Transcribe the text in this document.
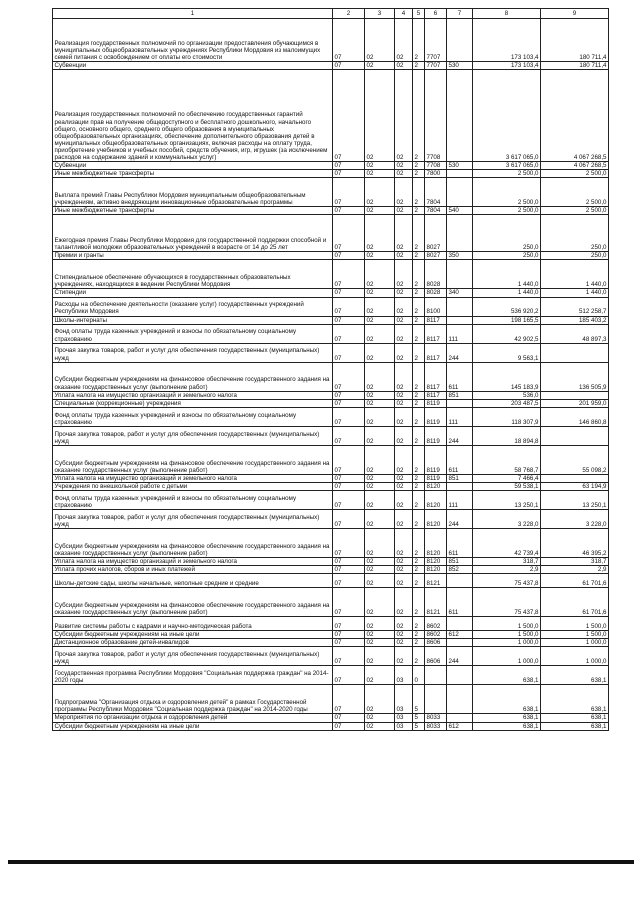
1	2	3	4	5	6	7	8	9
Реализация государственных полномочий по организации предоставления обучающимся в муниципальных общеобразовательных учреждениях Республики Мордовия из малоимущих семей питания с освобождением от оплаты его стоимости	07	02	02	2	7707		173 103,4	180 711,4
Субвенции	07	02	02	2	7707	530	173 103,4	180 711,4
Реализация государственных полномочий по обеспечению государственных гарантий реализации прав на получение общедоступного и бесплатного дошкольного, начального общего, основного общего, среднего общего образования в муниципальных общеобразовательных организациях, обеспечение дополнительного образования детей в муниципальных общеобразовательных организациях, включая расходы на оплату труда, приобретение учебников и учебных пособий, средств обучения, игр, игрушек (за исключением расходов на содержание зданий и коммунальных услуг)	07	02	02	2	7708		3 617 065,0	4 067 268,5
Субвенции	07	02	02	2	7708	530	3 617 065,0	4 067 268,5
Иные межбюджетные трансферты	07	02	02	2	7800		2 500,0	2 500,0
Выплата премий Главы Республики Мордовия муниципальным общеобразовательным учреждениям, активно внедряющим инновационные образовательные программы	07	02	02	2	7804		2 500,0	2 500,0
Иные межбюджетные трансферты	07	02	02	2	7804	540	2 500,0	2 500,0
Ежегодная премия Главы Республики Мордовия для государственной поддержки способной и талантливой молодежи образовательных учреждений в возрасте от 14 до 25 лет	07	02	02	2	8027		250,0	250,0
Премии и гранты	07	02	02	2	8027	350	250,0	250,0
Стипендиальное обеспечение обучающихся в государственных образовательных учреждениях, находящихся в ведении Республики Мордовия	07	02	02	2	8028		1 440,0	1 440,0
Стипендии	07	02	02	2	8028	340	1 440,0	1 440,0
Расходы на обеспечение деятельности (оказание услуг) государственных учреждений Республики Мордовия	07	02	02	2	8100		536 920,2	512 258,7
Школы-интернаты	07	02	02	2	8117		198 165,5	185 403,2
Фонд оплаты труда казенных учреждений и взносы по обязательному социальному страхованию	07	02	02	2	8117	111	42 902,5	48 897,3
Прочая закупка товаров, работ и услуг для обеспечения государственных (муниципальных) нужд	07	02	02	2	8117	244	9 563,1	
Субсидии бюджетным учреждениям на финансовое обеспечение государственного задания на оказание государственных услуг (выполнение работ)	07	02	02	2	8117	611	145 183,9	136 505,9
Уплата налога на имущество организаций и земельного налога	07	02	02	2	8117	851	536,0	
Специальные (коррекционные) учреждения	07	02	02	2	8119		203 487,5	201 959,0
Фонд оплаты труда казенных учреждений и взносы по обязательному социальному страхованию	07	02	02	2	8119	111	118 307,9	146 860,8
Прочая закупка товаров, работ и услуг для обеспечения государственных (муниципальных) нужд	07	02	02	2	8119	244	18 894,8	
Субсидии бюджетным учреждениям на финансовое обеспечение государственного задания на оказание государственных услуг (выполнение работ)	07	02	02	2	8119	611	58 768,7	55 098,2
Уплата налога на имущество организаций и земельного налога	07	02	02	2	8119	851	7 466,4	
Учреждения по внешкольной работе с детьми	07	02	02	2	8120		59 538,1	63 194,9
Фонд оплаты труда казенных учреждений и взносы по обязательному социальному страхованию	07	02	02	2	8120	111	13 250,1	13 250,1
Прочая закупка товаров, работ и услуг для обеспечения государственных (муниципальных) нужд	07	02	02	2	8120	244	3 228,0	3 228,0
Субсидии бюджетным учреждениям на финансовое обеспечение государственного задания на оказание государственных услуг (выполнение работ)	07	02	02	2	8120	611	42 739,4	46 395,2
Уплата налога на имущество организаций и земельного налога	07	02	02	2	8120	851	318,7	318,7
Уплата прочих налогов, сборов и иных платежей	07	02	02	2	8120	852	2,9	2,9
Школы-детские сады, школы начальные, неполные средние и средние	07	02	02	2	8121		75 437,8	61 701,6
Субсидии бюджетным учреждениям на финансовое обеспечение государственного задания на оказание государственных услуг (выполнение работ)	07	02	02	2	8121	611	75 437,8	61 701,6
Развитие системы работы с кадрами и научно-методическая работа	07	02	02	2	8602		1 500,0	1 500,0
Субсидии бюджетным учреждениям на иные цели	07	02	02	2	8602	612	1 500,0	1 500,0
Дистанционное образование детей-инвалидов	07	02	02	2	8606		1 000,0	1 000,0
Прочая закупка товаров, работ и услуг для обеспечения государственных (муниципальных) нужд	07	02	02	2	8606	244	1 000,0	1 000,0
Государственная программа Республики Мордовия "Социальная поддержка граждан" на 2014-2020 годы	07	02	03	0			638,1	638,1
Подпрограмма "Организация отдыха и оздоровления детей" в рамках Государственной программы Республики Мордовия "Социальная поддержка граждан" на 2014-2020 годы	07	02	03	5			638,1	638,1
Мероприятия по организации отдыха и оздоровления детей	07	02	03	5	8033		638,1	638,1
Субсидии бюджетным учреждениям на иные цели	07	02	03	5	8033	612	638,1	638,1
